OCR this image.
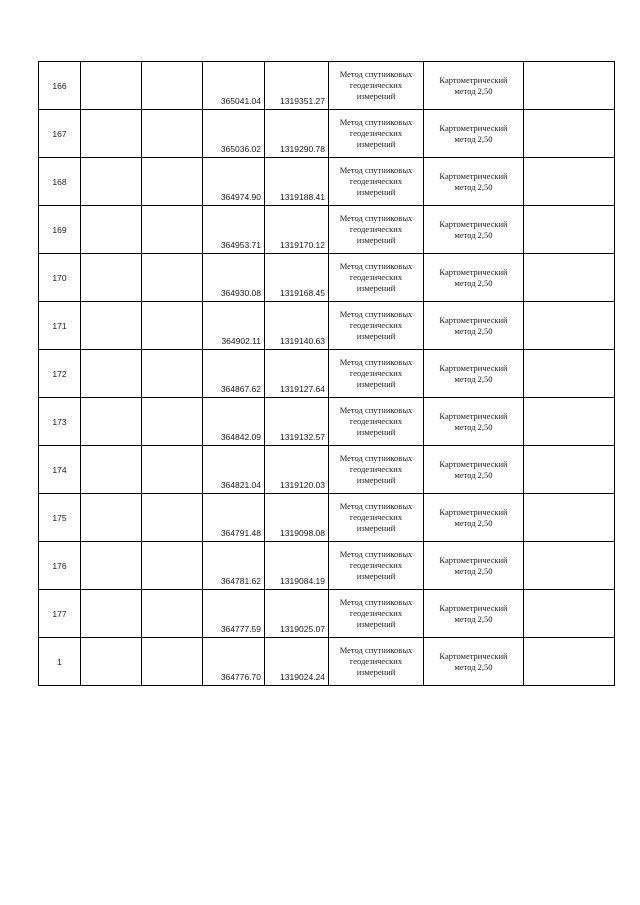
166			365041.04	1319351.27	Метод спутниковых
геодезических
измерений	Картометрический
метод 2,50	

167			365036.02	1319290.78	Метод спутниковых
геодезических
измерений	Картометрический
метод 2,50	

168			364974.90	1319188.41	Метод спутниковых
геодезических
измерений	Картометрический
метод 2,50	

169			364953.71	1319170.12	Метод спутниковых
геодезических
измерений	Картометрический
метод 2,50	

170			364930.08	1319168.45	Метод спутниковых
геодезических
измерений	Картометрический
метод 2,50	

171			364902.11	1319140.63	Метод спутниковых
геодезических
измерений	Картометрический
метод 2,50	

172			364867.62	1319127.64	Метод спутниковых
геодезических
измерений	Картометрический
метод 2,50	

173			364842.09	1319132.57	Метод спутниковых
геодезических
измерений	Картометрический
метод 2,50	

174			364821.04	1319120.03	Метод спутниковых
геодезических
измерений	Картометрический
метод 2,50	

175			364791.48	1319098.08	Метод спутниковых
геодезических
измерений	Картометрический
метод 2,50	

176			364781.62	1319084.19	Метод спутниковых
геодезических
измерений	Картометрический
метод 2,50	

177			364777.59	1319025.07	Метод спутниковых
геодезических
измерений	Картометрический
метод 2,50	

1			364776.70	1319024.24	Метод спутниковых
геодезических
измерений	Картометрический
метод 2,50	
